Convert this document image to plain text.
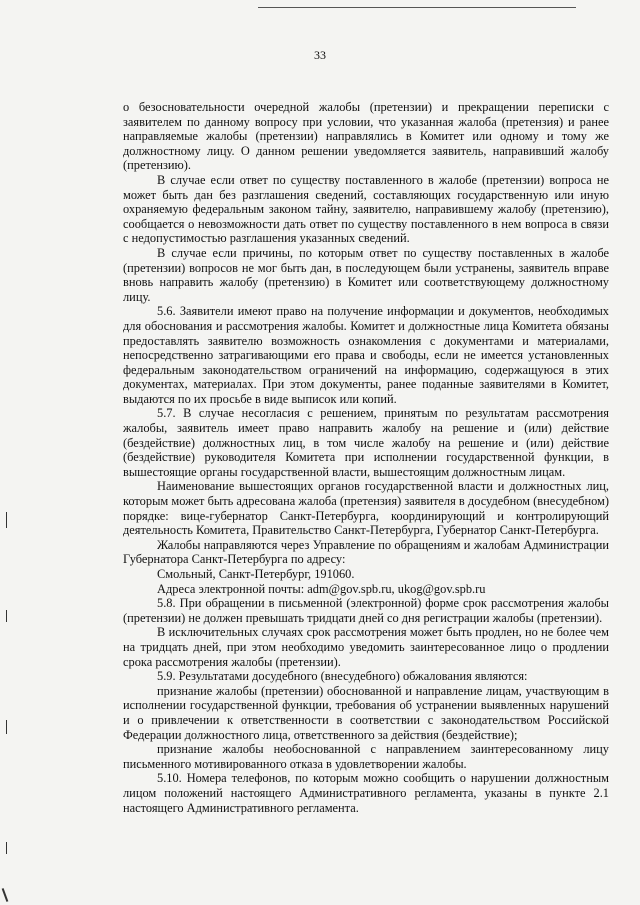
33

о безосновательности очередной жалобы (претензии) и прекращении переписки с заявителем по данному вопросу при условии, что указанная жалоба (претензия) и ранее направляемые жалобы (претензии) направлялись в Комитет или одному и тому же должностному лицу. О данном решении уведомляется заявитель, направивший жалобу (претензию).

В случае если ответ по существу поставленного в жалобе (претензии) вопроса не может быть дан без разглашения сведений, составляющих государственную или иную охраняемую федеральным законом тайну, заявителю, направившему жалобу (претензию), сообщается о невозможности дать ответ по существу поставленного в нем вопроса в связи с недопустимостью разглашения указанных сведений.

В случае если причины, по которым ответ по существу поставленных в жалобе (претензии) вопросов не мог быть дан, в последующем были устранены, заявитель вправе вновь направить жалобу (претензию) в Комитет или соответствующему должностному лицу.

5.6. Заявители имеют право на получение информации и документов, необходимых для обоснования и рассмотрения жалобы. Комитет и должностные лица Комитета обязаны предоставлять заявителю возможность ознакомления с документами и материалами, непосредственно затрагивающими его права и свободы, если не имеется установленных федеральным законодательством ограничений на информацию, содержащуюся в этих документах, материалах. При этом документы, ранее поданные заявителями в Комитет, выдаются по их просьбе в виде выписок или копий.

5.7. В случае несогласия с решением, принятым по результатам рассмотрения жалобы, заявитель имеет право направить жалобу на решение и (или) действие (бездействие) должностных лиц, в том числе жалобу на решение и (или) действие (бездействие) руководителя Комитета при исполнении государственной функции, в вышестоящие органы государственной власти, вышестоящим должностным лицам.

Наименование вышестоящих органов государственной власти и должностных лиц, которым может быть адресована жалоба (претензия) заявителя в досудебном (внесудебном) порядке: вице-губернатор Санкт-Петербурга, координирующий и контролирующий деятельность Комитета, Правительство Санкт-Петербурга, Губернатор Санкт-Петербурга.

Жалобы направляются через Управление по обращениям и жалобам Администрации Губернатора Санкт-Петербурга по адресу:

Смольный, Санкт-Петербург, 191060.

Адреса электронной почты: adm@gov.spb.ru, ukog@gov.spb.ru

5.8. При обращении в письменной (электронной) форме срок рассмотрения жалобы (претензии) не должен превышать тридцати дней со дня регистрации жалобы (претензии).

В исключительных случаях срок рассмотрения может быть продлен, но не более чем на тридцать дней, при этом необходимо уведомить заинтересованное лицо о продлении срока рассмотрения жалобы (претензии).

5.9. Результатами досудебного (внесудебного) обжалования являются:

признание жалобы (претензии) обоснованной и направление лицам, участвующим в исполнении государственной функции, требования об устранении выявленных нарушений и о привлечении к ответственности в соответствии с законодательством Российской Федерации должностного лица, ответственного за действия (бездействие);

признание жалобы необоснованной с направлением заинтересованному лицу письменного мотивированного отказа в удовлетворении жалобы.

5.10. Номера телефонов, по которым можно сообщить о нарушении должностным лицом положений настоящего Административного регламента, указаны в пункте 2.1 настоящего Административного регламента.
